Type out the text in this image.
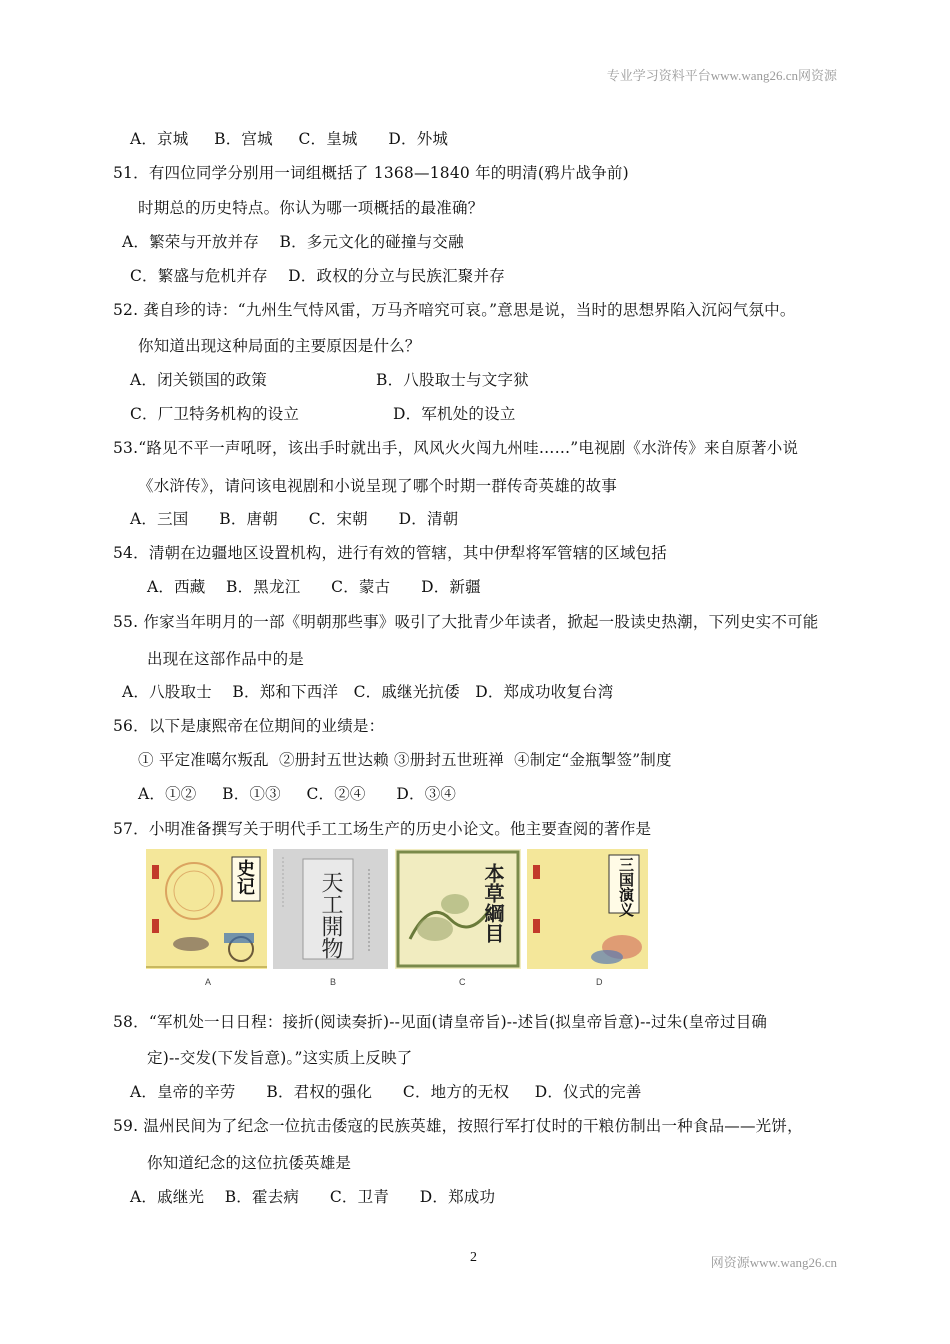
专业学习资料平台www.wang26.cn网资源
A．京城     B．宫城     C．皇城      D．外城
51．有四位同学分别用一词组概括了 1368—1840 年的明清(鸦片战争前)
时期总的历史特点。你认为哪一项概括的最准确？
A．繁荣与开放并存    B．多元文化的碰撞与交融
C．繁盛与危机并存    D．政权的分立与民族汇聚并存
52. 龚自珍的诗：“九州生气恃风雷，万马齐喑究可哀。”意思是说，当时的思想界陷入沉闷气氛中。
你知道出现这种局面的主要原因是什么？
A．闭关锁国的政策	B．八股取士与文字狱
C．厂卫特务机构的设立	D．军机处的设立
53.“路见不平一声吼呀，该出手时就出手，风风火火闯九州哇……”电视剧《水浒传》来自原著小说
《水浒传》，请问该电视剧和小说呈现了哪个时期一群传奇英雄的故事
A．三国      B．唐朝      C．宋朝      D．清朝
54．清朝在边疆地区设置机构，进行有效的管辖，其中伊犁将军管辖的区域包括
A．西藏    B．黑龙江      C．蒙古      D．新疆
55. 作家当年明月的一部《明朝那些事》吸引了大批青少年读者，掀起一股读史热潮，下列史实不可能
出现在这部作品中的是
A．八股取士    B．郑和下西洋   C．戚继光抗倭   D．郑成功收复台湾
56．以下是康熙帝在位期间的业绩是：
① 平定准噶尔叛乱  ②册封五世达赖 ③册封五世班禅  ④制定“金瓶掣签”制度
A．①②     B．①③     C．②④      D．③④
57．小明准备撰写关于明代手工工场生产的历史小论文。他主要查阅的著作是
史记	天工開物	本草綱目	三国演义
A	B	C	D
58．“军机处一日日程：接折(阅读奏折)--见面(请皇帝旨)--述旨(拟皇帝旨意)--过朱(皇帝过目确
定)--交发(下发旨意)。”这实质上反映了
A．皇帝的辛劳      B．君权的强化      C．地方的无权     D．仪式的完善
59. 温州民间为了纪念一位抗击倭寇的民族英雄，按照行军打仗时的干粮仿制出一种食品——光饼，
你知道纪念的这位抗倭英雄是
A．戚继光    B．霍去病      C．卫青      D．郑成功
2	网资源www.wang26.cn
